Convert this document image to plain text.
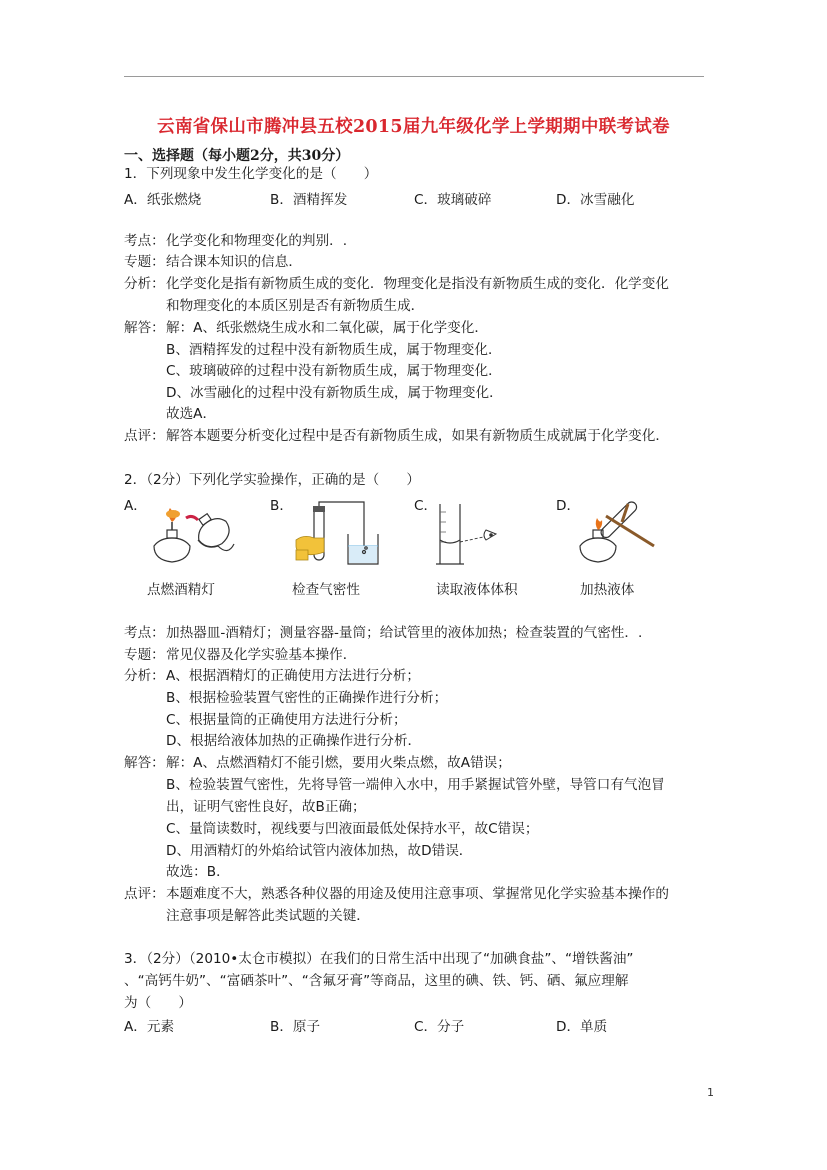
云南省保山市腾冲县五校2015届九年级化学上学期期中联考试卷
一、选择题（每小题2分，共30分）
1．下列现象中发生化学变化的是（　　）
A．纸张燃烧	B．酒精挥发	C．玻璃破碎	D．冰雪融化
考点： 化学变化和物理变化的判别．.
专题： 结合课本知识的信息．
分析： 化学变化是指有新物质生成的变化．物理变化是指没有新物质生成的变化．化学变化
和物理变化的本质区别是否有新物质生成．
解答： 解：A、纸张燃烧生成水和二氧化碳，属于化学变化．
B、酒精挥发的过程中没有新物质生成，属于物理变化．
C、玻璃破碎的过程中没有新物质生成，属于物理变化．
D、冰雪融化的过程中没有新物质生成，属于物理变化．
故选A．
点评： 解答本题要分析变化过程中是否有新物质生成，如果有新物质生成就属于化学变化．
2．（2分）下列化学实验操作，正确的是（　　）
A．	B．	C．	D．
点燃酒精灯	检查气密性	读取液体体积	加热液体
考点： 加热器皿-酒精灯；测量容器-量筒；给试管里的液体加热；检查装置的气密性．.
专题： 常见仪器及化学实验基本操作．
分析： A、根据酒精灯的正确使用方法进行分析；
B、根据检验装置气密性的正确操作进行分析；
C、根据量筒的正确使用方法进行分析；
D、根据给液体加热的正确操作进行分析．
解答： 解：A、点燃酒精灯不能引燃，要用火柴点燃，故A错误；
B、检验装置气密性，先将导管一端伸入水中，用手紧握试管外壁，导管口有气泡冒
出，证明气密性良好，故B正确；
C、量筒读数时，视线要与凹液面最低处保持水平，故C错误；
D、用酒精灯的外焰给试管内液体加热，故D错误．
故选：B．
点评： 本题难度不大，熟悉各种仪器的用途及使用注意事项、掌握常见化学实验基本操作的
注意事项是解答此类试题的关键．
3．（2分）（2010•太仓市模拟）在我们的日常生活中出现了“加碘食盐”、“增铁酱油”
、“高钙牛奶”、“富硒茶叶”、“含氟牙膏”等商品，这里的碘、铁、钙、硒、氟应理解
为（　　）
A．元素	B．原子	C．分子	D．单质
1
